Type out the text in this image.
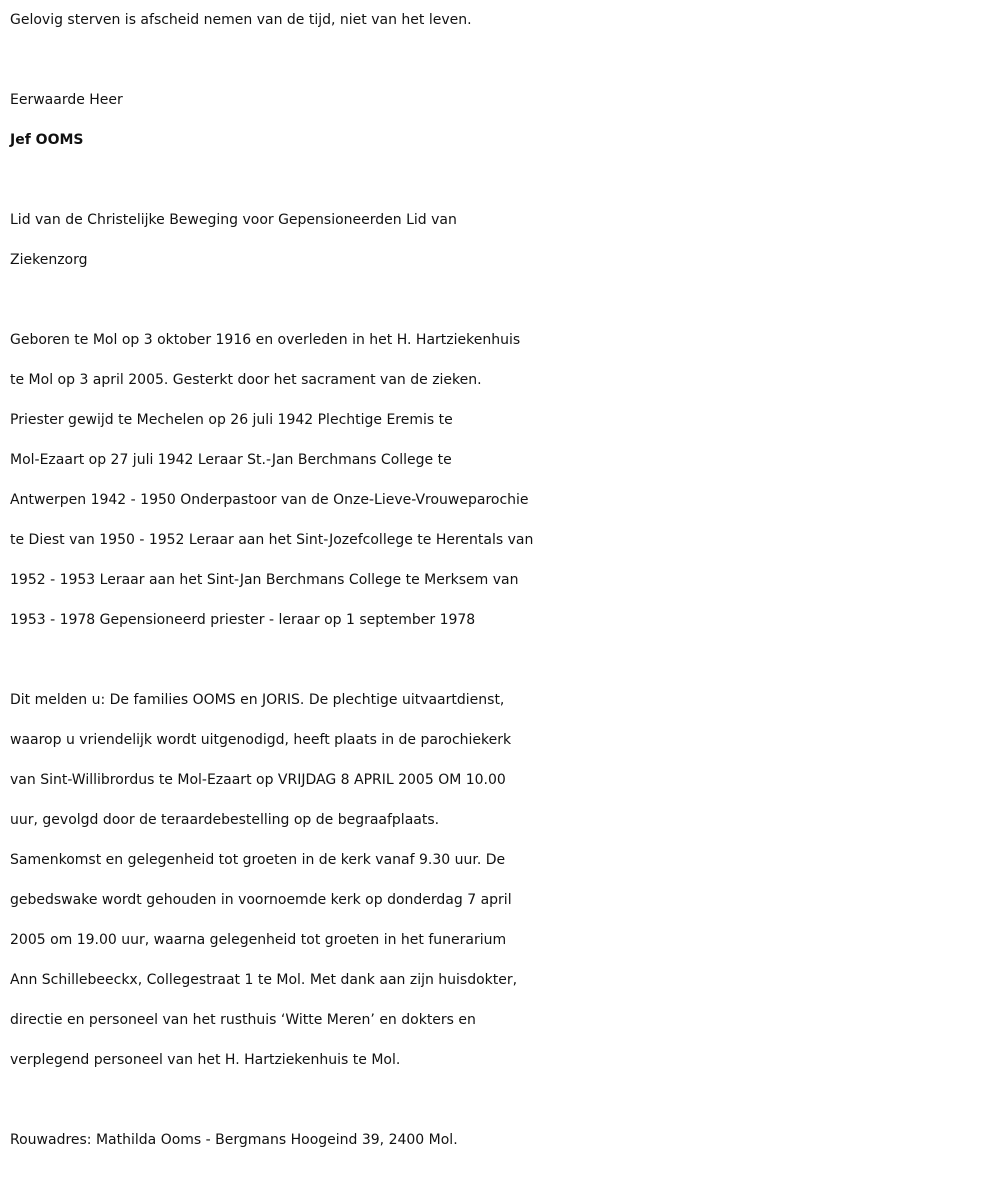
Gelovig sterven is afscheid nemen van de tijd, niet van het leven.

Eerwaarde Heer

Jef OOMS

Lid van de Christelijke Beweging voor Gepensioneerden Lid van
Ziekenzorg

Geboren te Mol op 3 oktober 1916 en overleden in het H. Hartziekenhuis
te Mol op 3 april 2005. Gesterkt door het sacrament van de zieken.
Priester gewijd te Mechelen op 26 juli 1942 Plechtige Eremis te
Mol-Ezaart op 27 juli 1942 Leraar St.-Jan Berchmans College te
Antwerpen 1942 - 1950 Onderpastoor van de Onze-Lieve-Vrouweparochie
te Diest van 1950 - 1952 Leraar aan het Sint-Jozefcollege te Herentals van
1952 - 1953 Leraar aan het Sint-Jan Berchmans College te Merksem van
1953 - 1978 Gepensioneerd priester - leraar op 1 september 1978

Dit melden u: De families OOMS en JORIS. De plechtige uitvaartdienst,
waarop u vriendelijk wordt uitgenodigd, heeft plaats in de parochiekerk
van Sint-Willibrordus te Mol-Ezaart op VRIJDAG 8 APRIL 2005 OM 10.00
uur, gevolgd door de teraardebestelling op de begraafplaats.
Samenkomst en gelegenheid tot groeten in de kerk vanaf 9.30 uur. De
gebedswake wordt gehouden in voornoemde kerk op donderdag 7 april
2005 om 19.00 uur, waarna gelegenheid tot groeten in het funerarium
Ann Schillebeeckx, Collegestraat 1 te Mol. Met dank aan zijn huisdokter,
directie en personeel van het rusthuis ‘Witte Meren’ en dokters en
verplegend personeel van het H. Hartziekenhuis te Mol.

Rouwadres: Mathilda Ooms - Bergmans Hoogeind 39, 2400 Mol.
